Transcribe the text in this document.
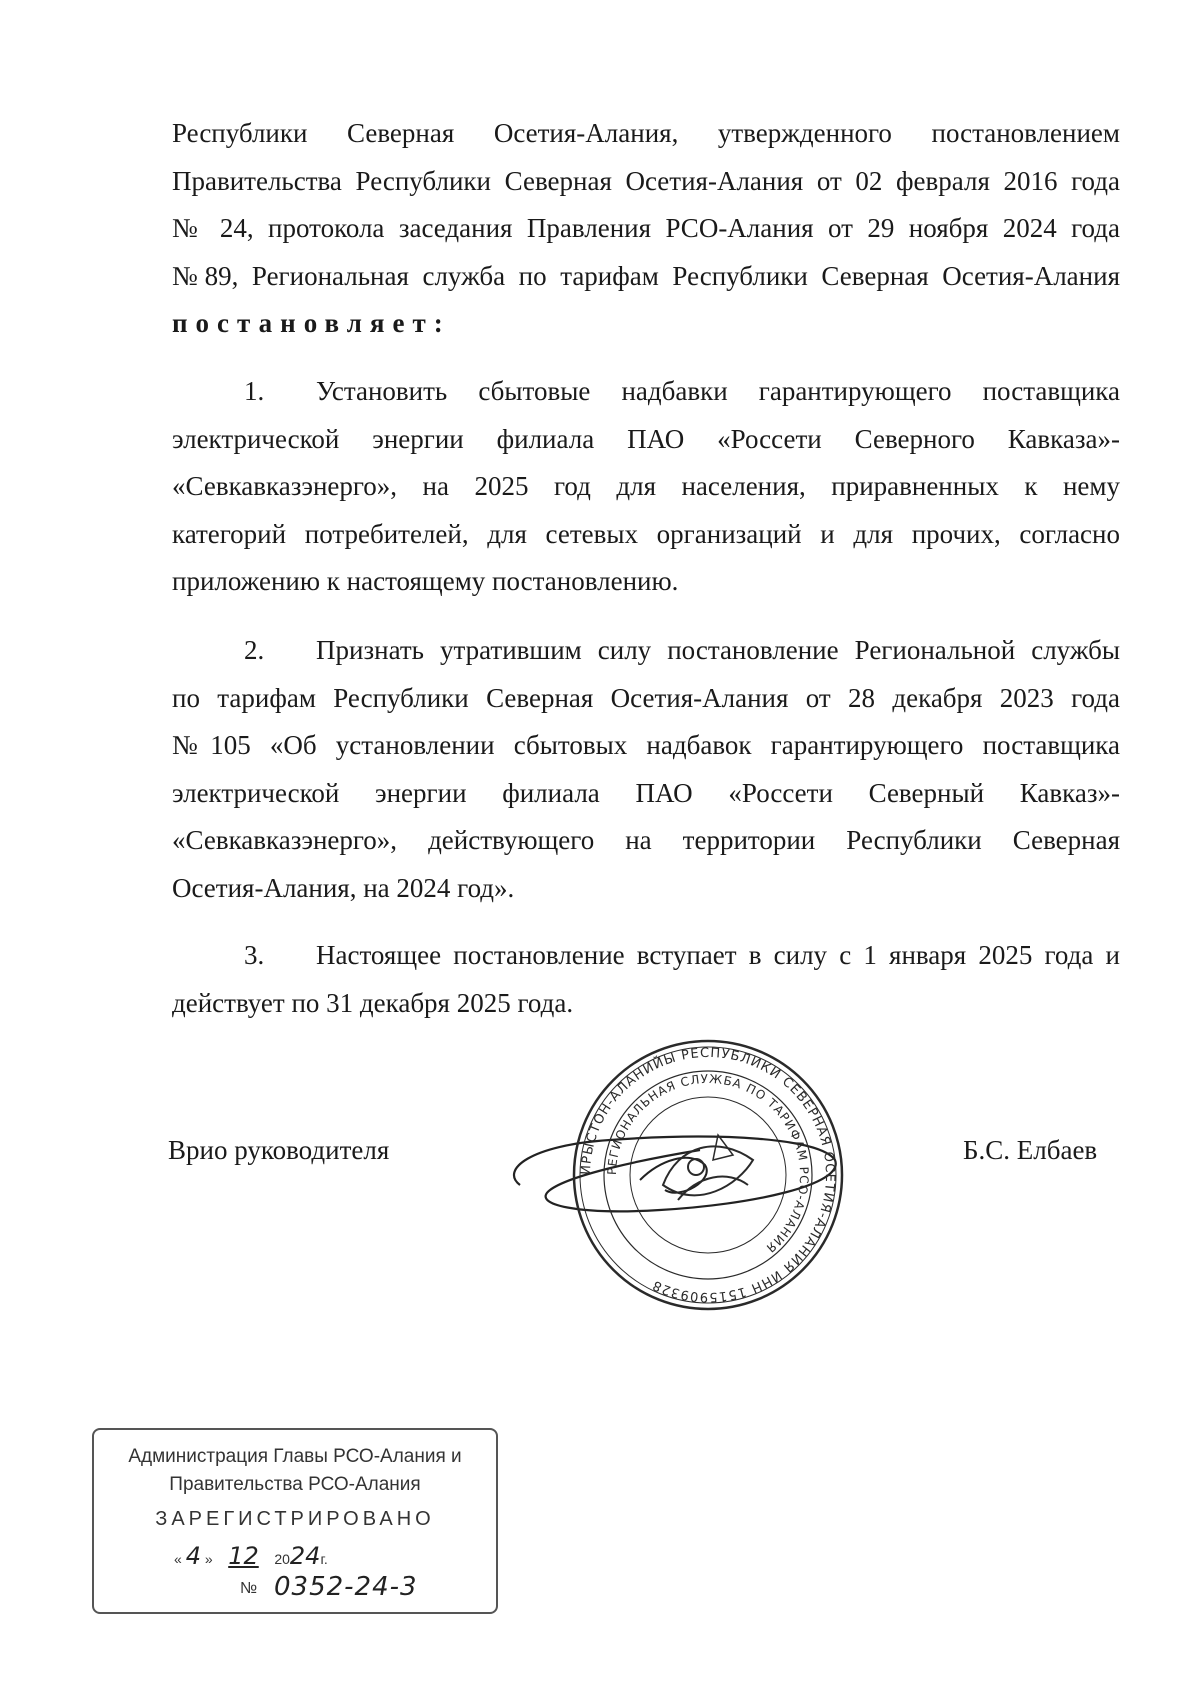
Республики Северная Осетия-Алания, утвержденного постановлением
Правительства Республики Северная Осетия-Алания от 02 февраля 2016 года
№ 24, протокола заседания Правления РСО-Алания от 29 ноября 2024 года
№89, Региональная служба по тарифам Республики Северная Осетия-Алания
постановляет:
1. Установить сбытовые надбавки гарантирующего поставщика
электрической энергии филиала ПАО «Россети Северного Кавказа»-
«Севкавказэнерго», на 2025 год для населения, приравненных к нему
категорий потребителей, для сетевых организаций и для прочих, согласно
приложению к настоящему постановлению.
2. Признать утратившим силу постановление Региональной службы
по тарифам Республики Северная Осетия-Алания от 28 декабря 2023 года
№105 «Об установлении сбытовых надбавок гарантирующего поставщика
электрической энергии филиала ПАО «Россети Северный Кавказ»-
«Севкавказэнерго», действующего на территории Республики Северная
Осетия-Алания, на 2024 год».
3. Настоящее постановление вступает в силу с 1 января 2025 года и
действует по 31 декабря 2025 года.
Врио руководителя	Б.С. Елбаев
ИРЫСТОН-АЛАНИЙЫ РЕСПУБЛИКИ СЕВЕРНАЯ ОСЕТИЯ-АЛАНИЯ ИНН 1515909328
РЕГИОНАЛЬНАЯ СЛУЖБА ПО ТАРИФАМ РСО-АЛАНИЯ
Администрация Главы РСО-Алания и
Правительства РСО-Алания
ЗАРЕГИСТРИРОВАНО
« 4 »    12 2024г.
№ 0352-24-3
